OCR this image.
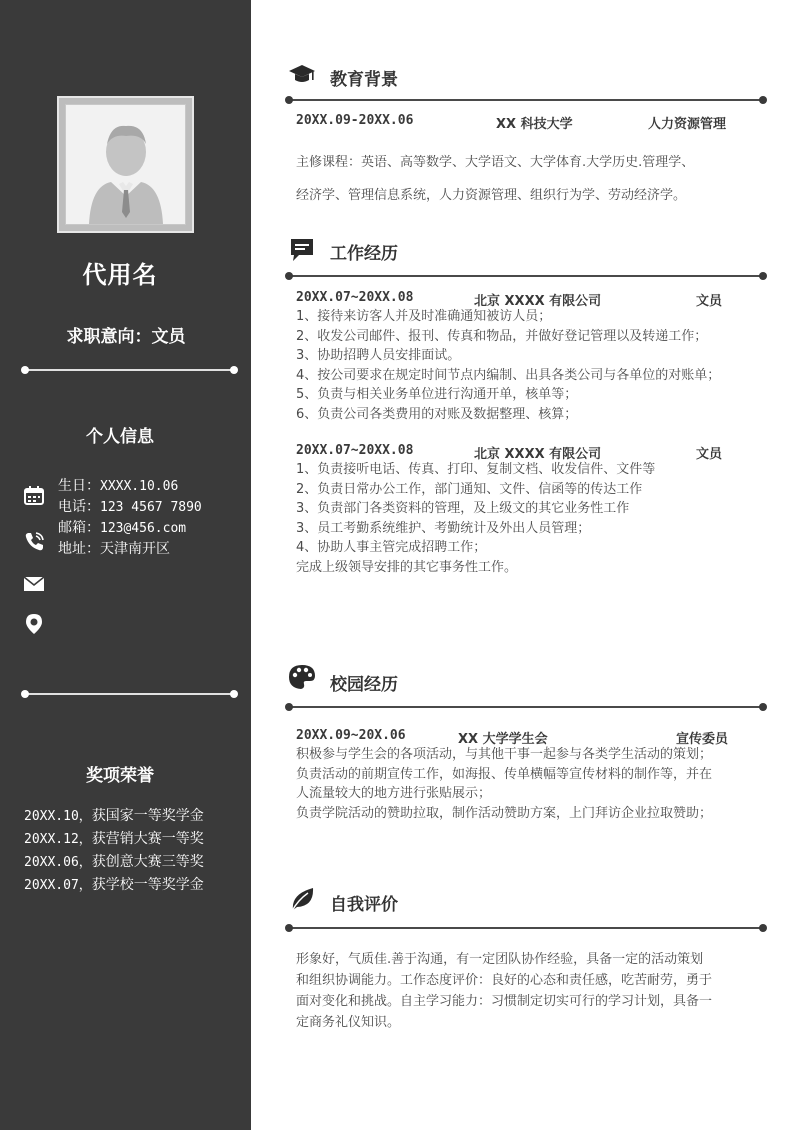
代用名
求职意向：文员
个人信息
生日：XXXX.10.06
电话：123 4567 7890
邮箱：123@456.com
地址：天津南开区
奖项荣誉
20XX.10，获国家一等奖学金
20XX.12，获营销大赛一等奖
20XX.06，获创意大赛三等奖
20XX.07，获学校一等奖学金
教育背景
20XX.09-20XX.06	XX 科技大学	人力资源管理
主修课程：英语、高等数学、大学语文、大学体育.大学历史.管理学、
经济学、管理信息系统，人力资源管理、组织行为学、劳动经济学。
工作经历
20XX.07~20XX.08	北京 XXXX 有限公司	文员
1、接待来访客人并及时准确通知被访人员；
2、收发公司邮件、报刊、传真和物品，并做好登记管理以及转递工作；
3、协助招聘人员安排面试。
4、按公司要求在规定时间节点内编制、出具各类公司与各单位的对账单；
5、负责与相关业务单位进行沟通开单，核单等；
6、负责公司各类费用的对账及数据整理、核算；
20XX.07~20XX.08	北京 XXXX 有限公司	文员
1、负责接听电话、传真、打印、复制文档、收发信件、文件等
2、负责日常办公工作，部门通知、文件、信函等的传达工作
3、负责部门各类资料的管理，及上级文的其它业务性工作
3、员工考勤系统维护、考勤统计及外出人员管理；
4、协助人事主管完成招聘工作；
完成上级领导安排的其它事务性工作。
校园经历
20XX.09~20X.06	XX 大学学生会	宣传委员
积极参与学生会的各项活动，与其他干事一起参与各类学生活动的策划；
负责活动的前期宣传工作，如海报、传单横幅等宣传材料的制作等，并在
人流量较大的地方进行张贴展示；
负责学院活动的赞助拉取，制作活动赞助方案，上门拜访企业拉取赞助；
自我评价
形象好，气质佳.善于沟通，有一定团队协作经验，具备一定的活动策划
和组织协调能力。工作态度评价：良好的心态和责任感，吃苦耐劳，勇于
面对变化和挑战。自主学习能力：习惯制定切实可行的学习计划，具备一
定商务礼仪知识。
